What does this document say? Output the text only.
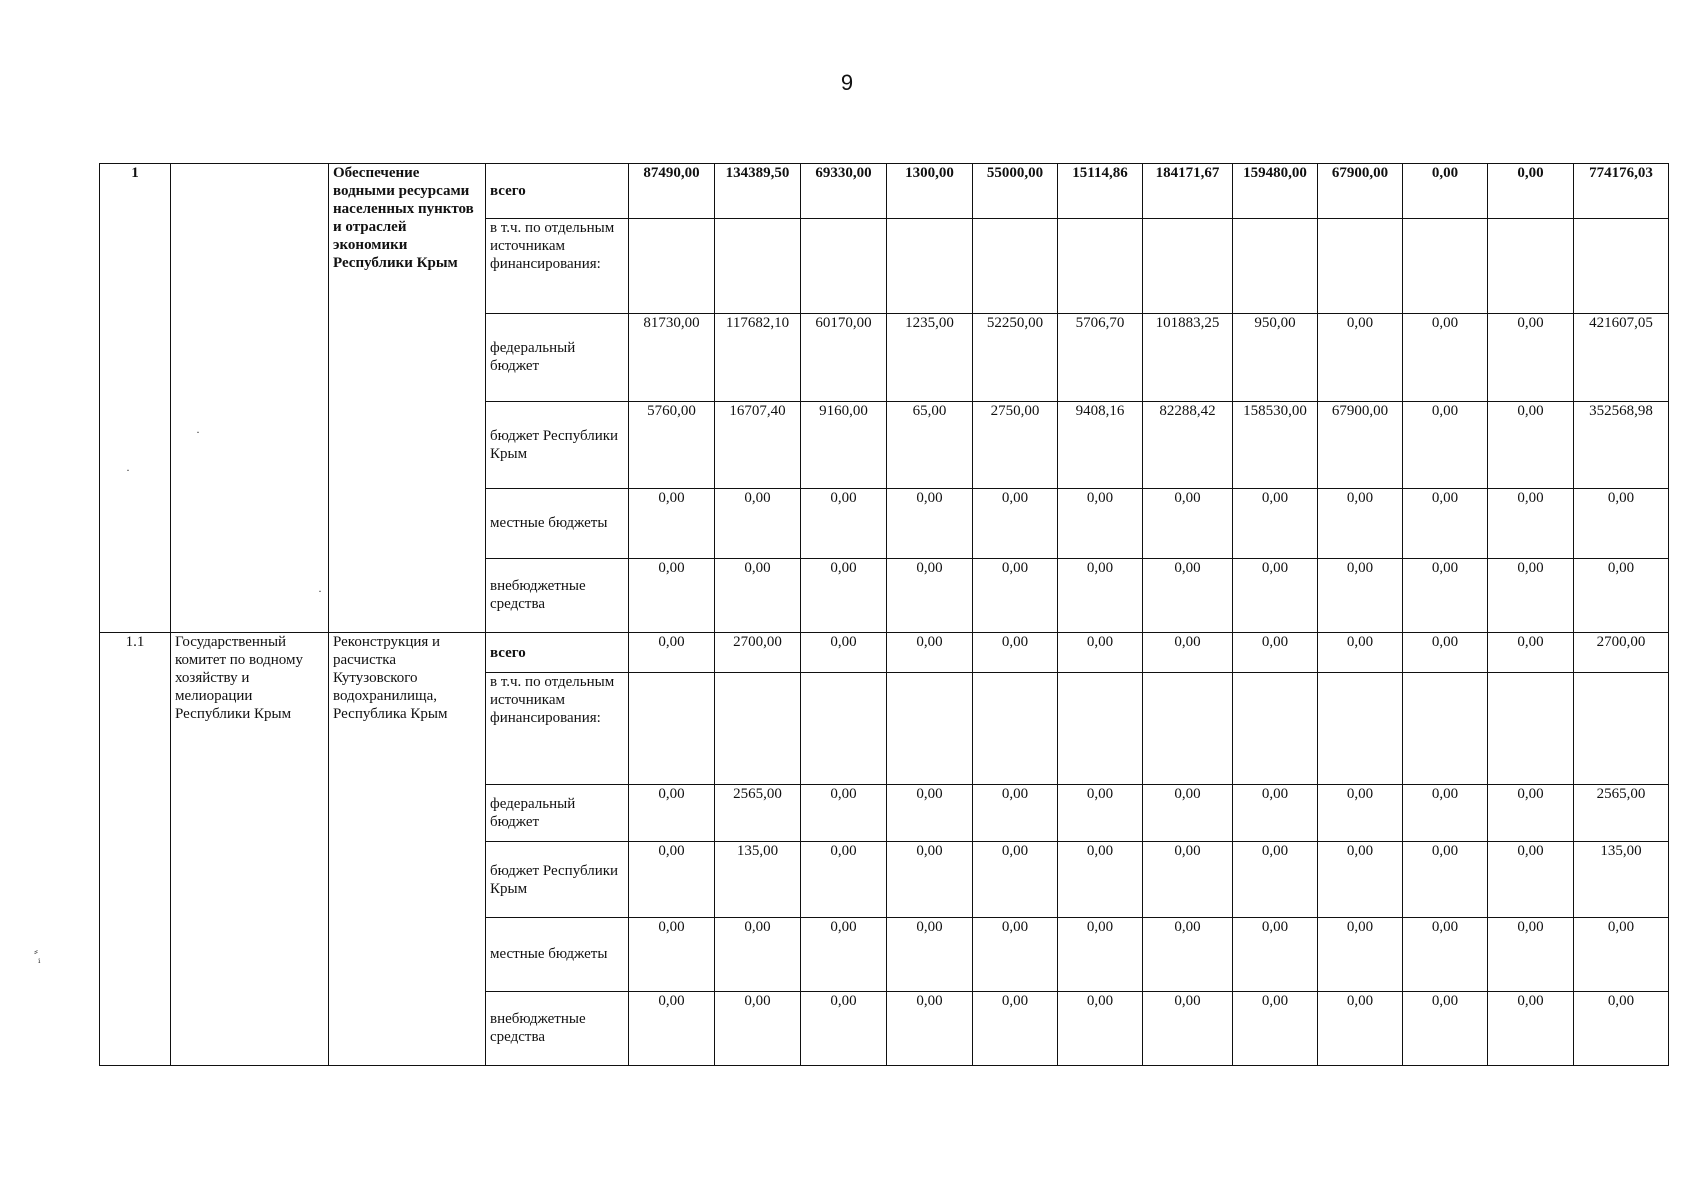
9
1		Обеспечение водными ресурсами населенных пунктов и отраслей экономики Республики Крым	всего	87490,00	134389,50	69330,00	1300,00	55000,00	15114,86	184171,67	159480,00	67900,00	0,00	0,00	774176,03
			в т.ч. по отдельным источникам финансирования:												
			федеральный бюджет	81730,00	117682,10	60170,00	1235,00	52250,00	5706,70	101883,25	950,00	0,00	0,00	0,00	421607,05
			бюджет Республики Крым	5760,00	16707,40	9160,00	65,00	2750,00	9408,16	82288,42	158530,00	67900,00	0,00	0,00	352568,98
			местные бюджеты	0,00	0,00	0,00	0,00	0,00	0,00	0,00	0,00	0,00	0,00	0,00	0,00
			внебюджетные средства	0,00	0,00	0,00	0,00	0,00	0,00	0,00	0,00	0,00	0,00	0,00	0,00
1.1	Государственный комитет по водному хозяйству и мелиорации Республики Крым	Реконструкция и расчистка Кутузовского водохранилища, Республика Крым	всего	0,00	2700,00	0,00	0,00	0,00	0,00	0,00	0,00	0,00	0,00	0,00	2700,00
			в т.ч. по отдельным источникам финансирования:												
			федеральный бюджет	0,00	2565,00	0,00	0,00	0,00	0,00	0,00	0,00	0,00	0,00	0,00	2565,00
			бюджет Республики Крым	0,00	135,00	0,00	0,00	0,00	0,00	0,00	0,00	0,00	0,00	0,00	135,00
			местные бюджеты	0,00	0,00	0,00	0,00	0,00	0,00	0,00	0,00	0,00	0,00	0,00	0,00
			внебюджетные средства	0,00	0,00	0,00	0,00	0,00	0,00	0,00	0,00	0,00	0,00	0,00	0,00
·
·
·
⸗
ⁱ
